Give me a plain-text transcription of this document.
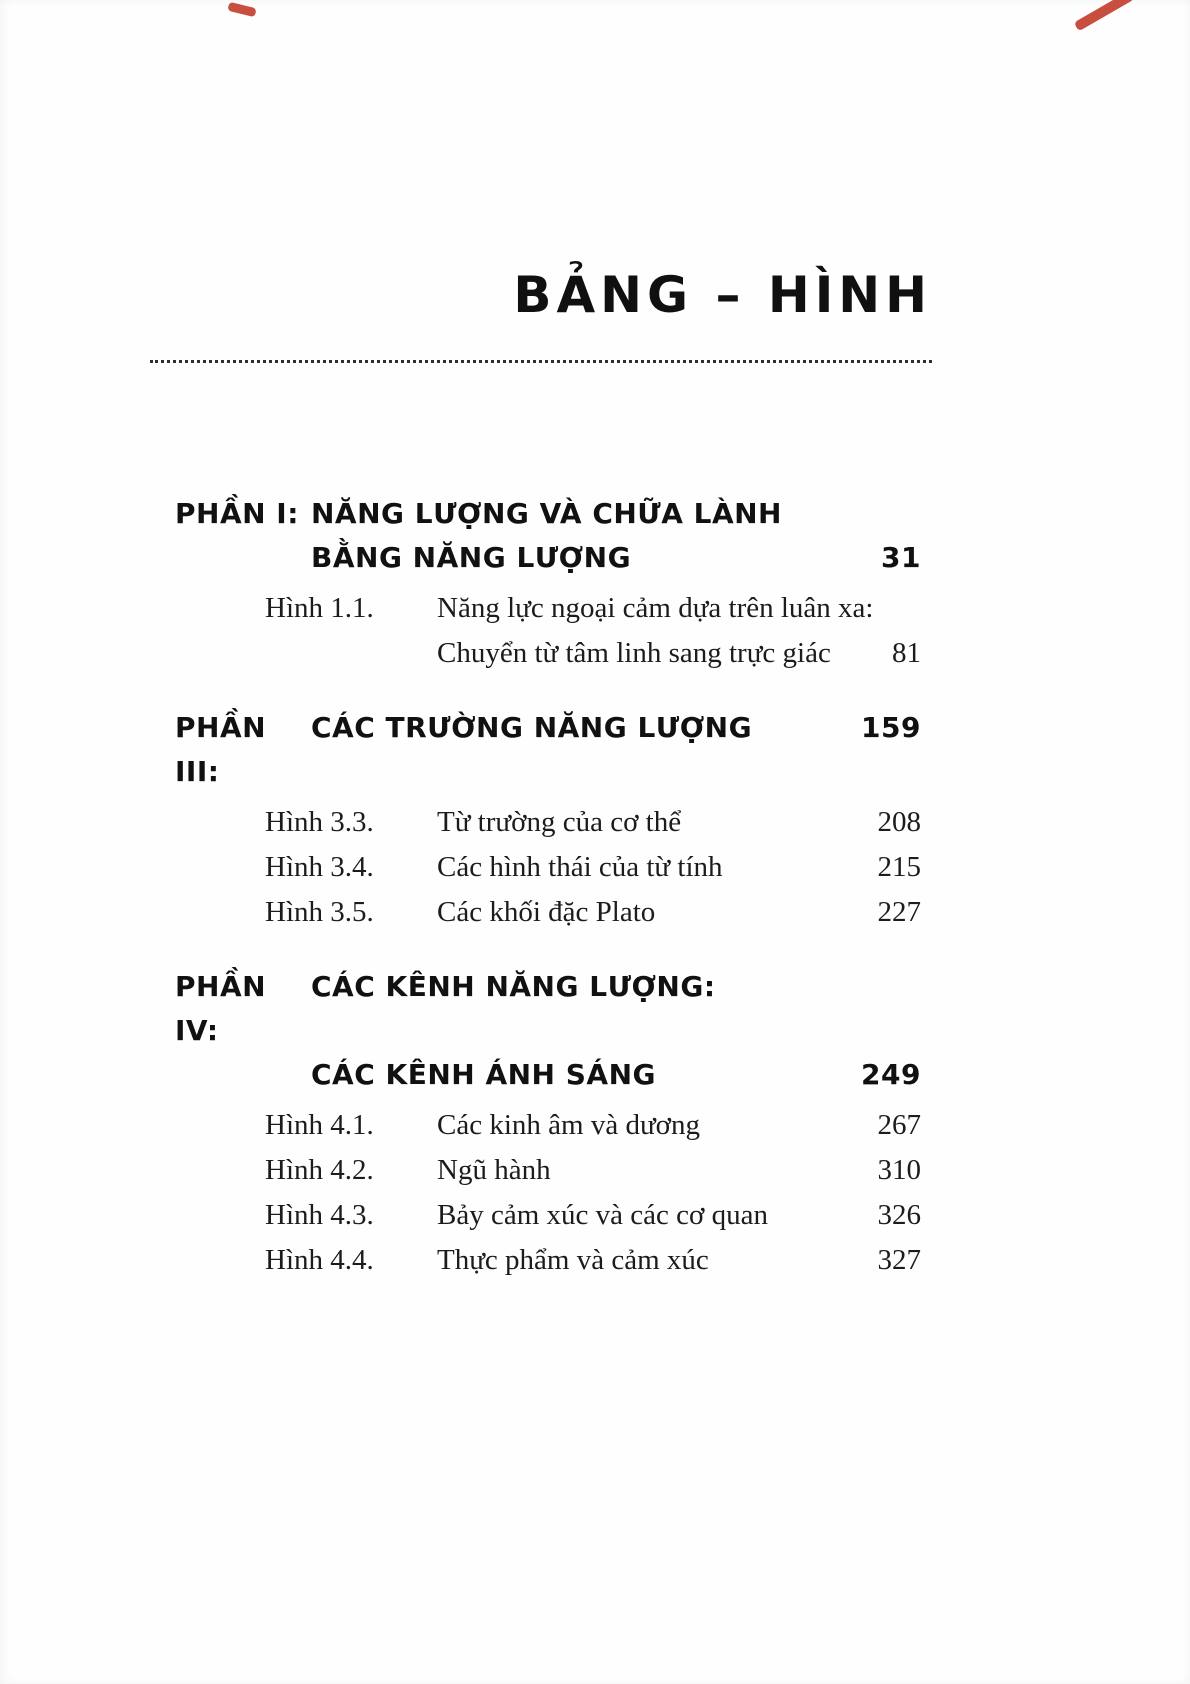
BẢNG – HÌNH
PHẦN I: NĂNG LƯỢNG VÀ CHỮA LÀNH
BẰNG NĂNG LƯỢNG	31
Hình 1.1.	Năng lực ngoại cảm dựa trên luân xa:
Chuyển từ tâm linh sang trực giác	81
PHẦN III:
CÁC TRƯỜNG NĂNG LƯỢNG	159
Hình 3.3.	Từ trường của cơ thể	208
Hình 3.4.	Các hình thái của từ tính	215
Hình 3.5.	Các khối đặc Plato	227
PHẦN IV:
CÁC KÊNH NĂNG LƯỢNG:
CÁC KÊNH ÁNH SÁNG	249
Hình 4.1.	Các kinh âm và dương	267
Hình 4.2.	Ngũ hành	310
Hình 4.3.	Bảy cảm xúc và các cơ quan	326
Hình 4.4.	Thực phẩm và cảm xúc	327
